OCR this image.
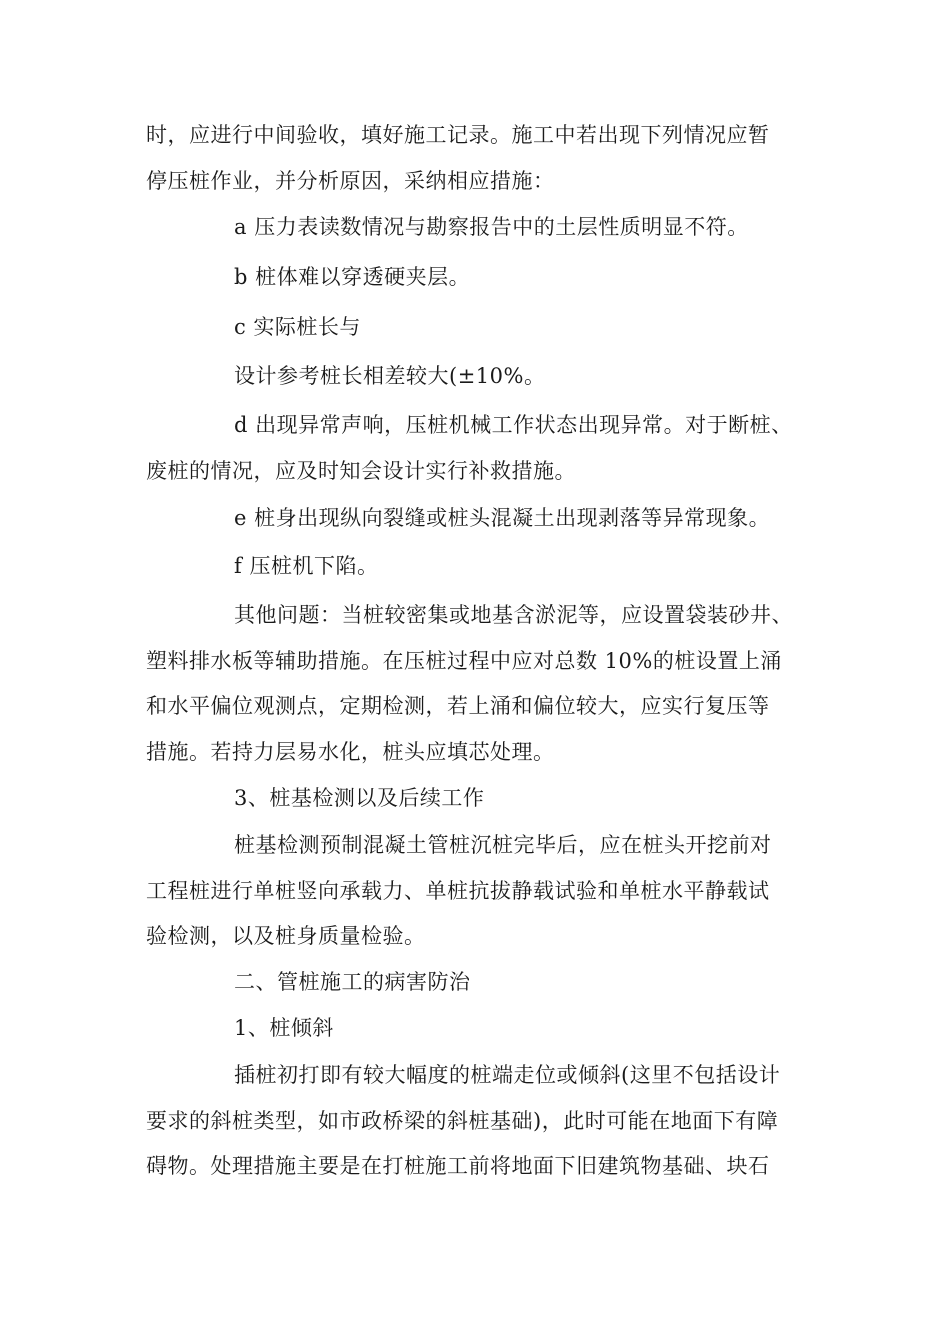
时，应进行中间验收，填好施工记录。施工中若出现下列情况应暂
停压桩作业，并分析原因，采纳相应措施：
a 压力表读数情况与勘察报告中的土层性质明显不符。
b 桩体难以穿透硬夹层。
c 实际桩长与
设计参考桩长相差较大(±10%。
d 出现异常声响，压桩机械工作状态出现异常。对于断桩、
废桩的情况，应及时知会设计实行补救措施。
e 桩身出现纵向裂缝或桩头混凝土出现剥落等异常现象。
f 压桩机下陷。
其他问题：当桩较密集或地基含淤泥等，应设置袋装砂井、
塑料排水板等辅助措施。在压桩过程中应对总数 10%的桩设置上涌
和水平偏位观测点，定期检测，若上涌和偏位较大，应实行复压等
措施。若持力层易水化，桩头应填芯处理。
3、桩基检测以及后续工作
桩基检测预制混凝土管桩沉桩完毕后，应在桩头开挖前对
工程桩进行单桩竖向承载力、单桩抗拔静载试验和单桩水平静载试
验检测，以及桩身质量检验。
二、管桩施工的病害防治
1、桩倾斜
插桩初打即有较大幅度的桩端走位或倾斜(这里不包括设计
要求的斜桩类型，如市政桥梁的斜桩基础)，此时可能在地面下有障
碍物。处理措施主要是在打桩施工前将地面下旧建筑物基础、块石
